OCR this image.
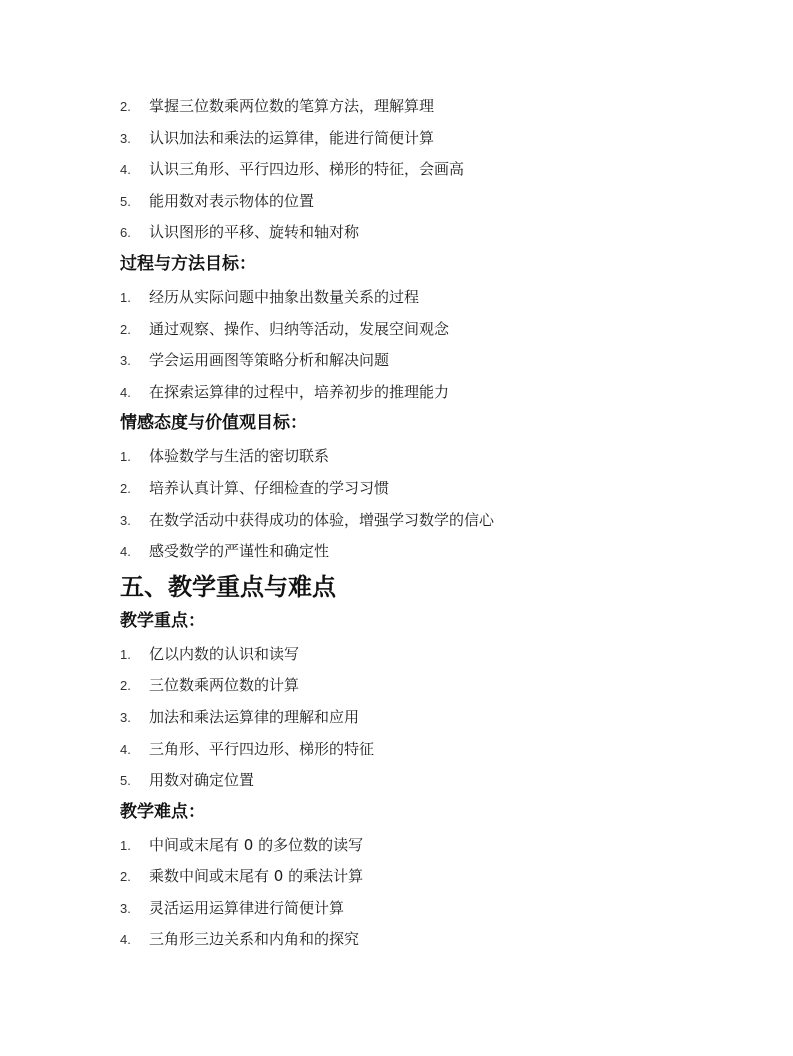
2. 掌握三位数乘两位数的笔算方法，理解算理
3. 认识加法和乘法的运算律，能进行简便计算
4. 认识三角形、平行四边形、梯形的特征，会画高
5. 能用数对表示物体的位置
6. 认识图形的平移、旋转和轴对称
过程与方法目标：
1. 经历从实际问题中抽象出数量关系的过程
2. 通过观察、操作、归纳等活动，发展空间观念
3. 学会运用画图等策略分析和解决问题
4. 在探索运算律的过程中，培养初步的推理能力
情感态度与价值观目标：
1. 体验数学与生活的密切联系
2. 培养认真计算、仔细检查的学习习惯
3. 在数学活动中获得成功的体验，增强学习数学的信心
4. 感受数学的严谨性和确定性
五、教学重点与难点
教学重点：
1. 亿以内数的认识和读写
2. 三位数乘两位数的计算
3. 加法和乘法运算律的理解和应用
4. 三角形、平行四边形、梯形的特征
5. 用数对确定位置
教学难点：
1. 中间或末尾有 0 的多位数的读写
2. 乘数中间或末尾有 0 的乘法计算
3. 灵活运用运算律进行简便计算
4. 三角形三边关系和内角和的探究
